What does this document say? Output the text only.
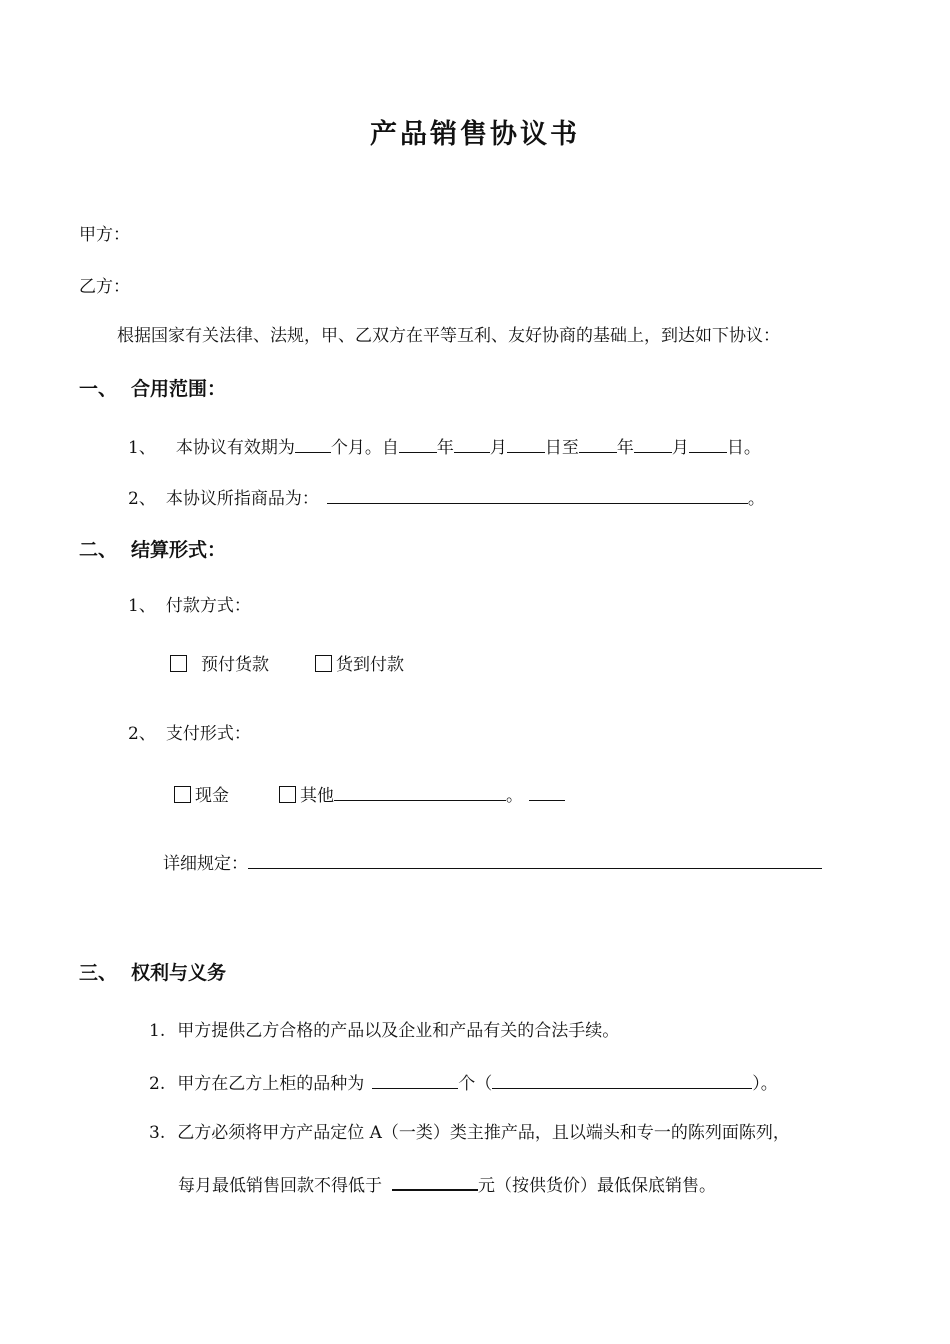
产品销售协议书
甲方：
乙方：
根据国家有关法律、法规，甲、乙双方在平等互利、友好协商的基础上，到达如下协议：
一、 合用范围：
1、 本协议有效期为 个月。自 年 月 日至 年 月 日。
2、 本协议所指商品为：	。
二、 结算形式：
1、 付款方式：
预付货款	货到付款
2、 支付形式：
现金	其他	。
详细规定：
三、 权利与义务
1. 甲方提供乙方合格的产品以及企业和产品有关的合法手续。
2. 甲方在乙方上柜的品种为	个（	）。
3. 乙方必须将甲方产品定位 A（一类）类主推产品，且以端头和专一的陈列面陈列，
每月最低销售回款不得低于	元（按供货价）最低保底销售。
